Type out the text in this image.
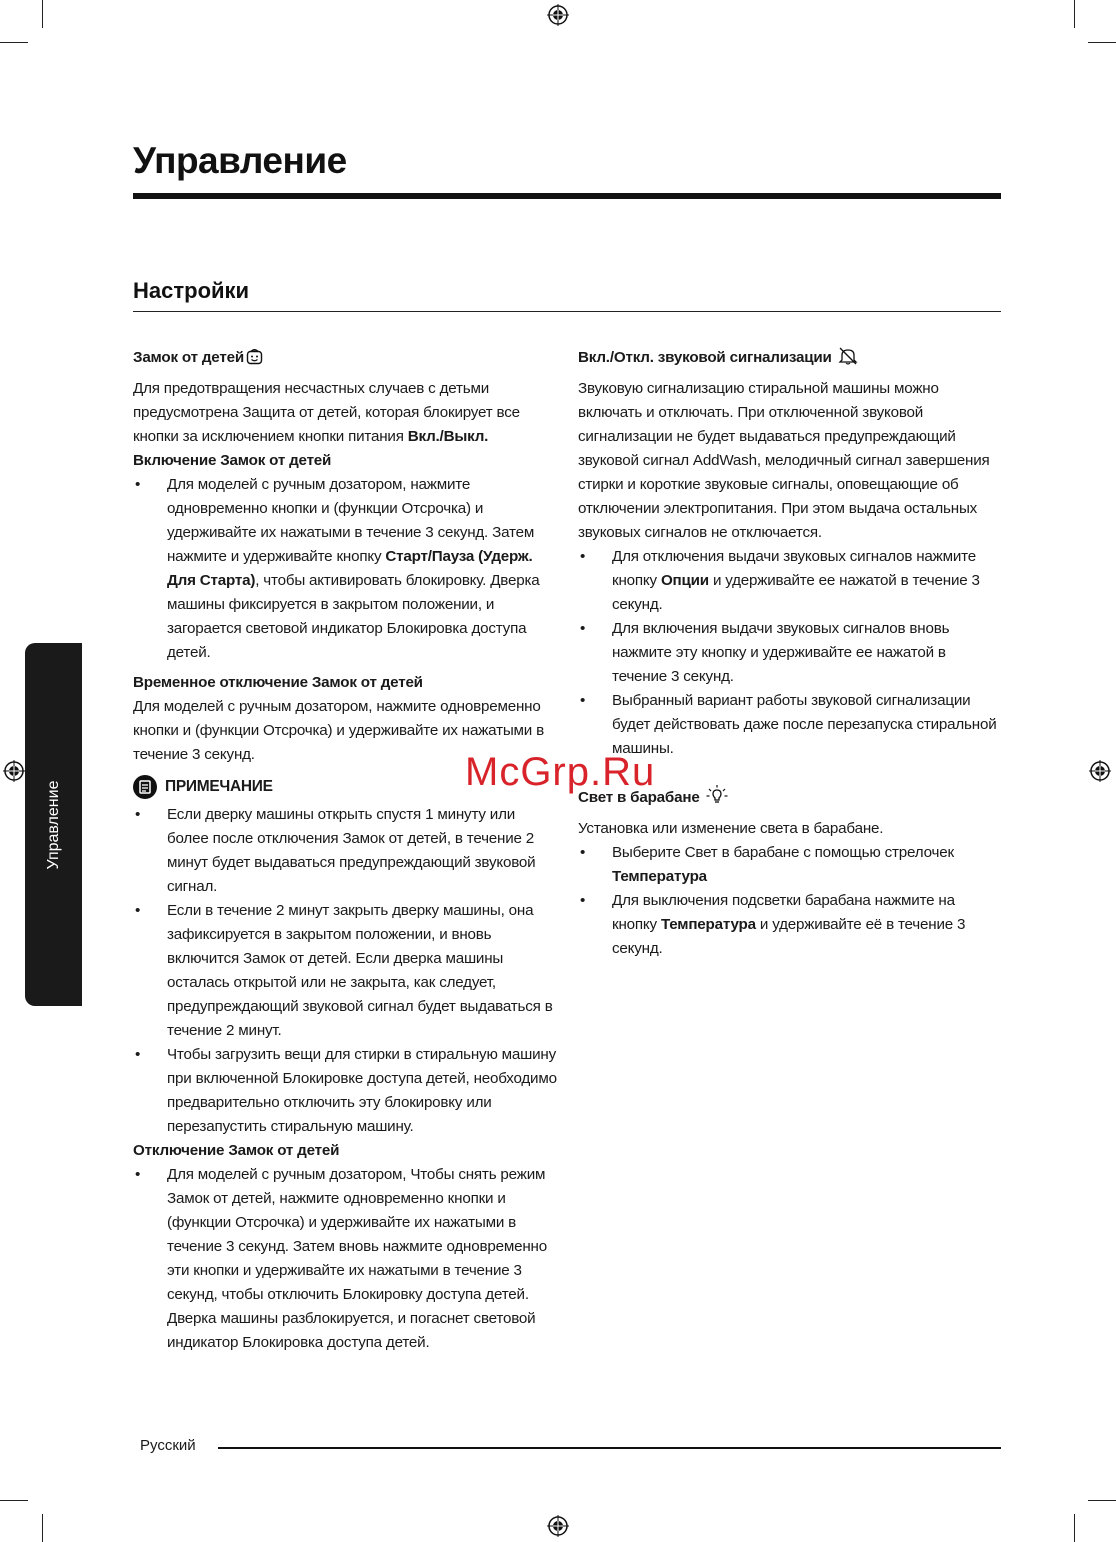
Управление
Настройки
Управление
Замок от детей

Для предотвращения несчастных случаев с детьми предусмотрена Защита от детей, которая блокирует все кнопки за исключением кнопки питания Вкл./Выкл.

Включение Замок от детей
• Для моделей с ручным дозатором, нажмите одновременно кнопки и (функции Отсрочка) и удерживайте их нажатыми в течение 3 секунд. Затем нажмите и удерживайте кнопку Старт/Пауза (Удерж. Для Старта), чтобы активировать блокировку. Дверка машины фиксируется в закрытом положении, и загорается световой индикатор Блокировка доступа детей.
Временное отключение Замок от детей

Для моделей с ручным дозатором, нажмите одновременно кнопки и (функции Отсрочка) и удерживайте их нажатыми в течение 3 секунд.

ПРИМЕЧАНИЕ
• Если дверку машины открыть спустя 1 минуту или более после отключения Замок от детей, в течение 2 минут будет выдаваться предупреждающий звуковой сигнал.
• Если в течение 2 минут закрыть дверку машины, она зафиксируется в закрытом положении, и вновь включится Замок от детей. Если дверка машины осталась открытой или не закрыта, как следует, предупреждающий звуковой сигнал будет выдаваться в течение 2 минут.
• Чтобы загрузить вещи для стирки в стиральную машину при включенной Блокировке доступа детей, необходимо предварительно отключить эту блокировку или перезапустить стиральную машину.
Отключение Замок от детей
• Для моделей с ручным дозатором, Чтобы снять режим Замок от детей, нажмите одновременно кнопки и (функции Отсрочка) и удерживайте их нажатыми в течение 3 секунд. Затем вновь нажмите одновременно эти кнопки и удерживайте их нажатыми в течение 3 секунд, чтобы отключить Блокировку доступа детей. Дверка машины разблокируется, и погаснет световой индикатор Блокировка доступа детей.
Вкл./Откл. звуковой сигнализации

Звуковую сигнализацию стиральной машины можно включать и отключать. При отключенной звуковой сигнализации не будет выдаваться предупреждающий звуковой сигнал AddWash, мелодичный сигнал завершения стирки и короткие звуковые сигналы, оповещающие об отключении электропитания. При этом выдача остальных звуковых сигналов не отключается.

• Для отключения выдачи звуковых сигналов нажмите кнопку Опции и удерживайте ее нажатой в течение 3 секунд.
• Для включения выдачи звуковых сигналов вновь нажмите эту кнопку и удерживайте ее нажатой в течение 3 секунд.
• Выбранный вариант работы звуковой сигнализации будет действовать даже после перезапуска стиральной машины.
Свет в барабане

Установка или изменение света в барабане.

• Выберите Свет в барабане с помощью стрелочек Температура
• Для выключения подсветки барабана нажмите на кнопку Температура и удерживайте её в течение 3 секунд.
McGrp.Ru
Русский
